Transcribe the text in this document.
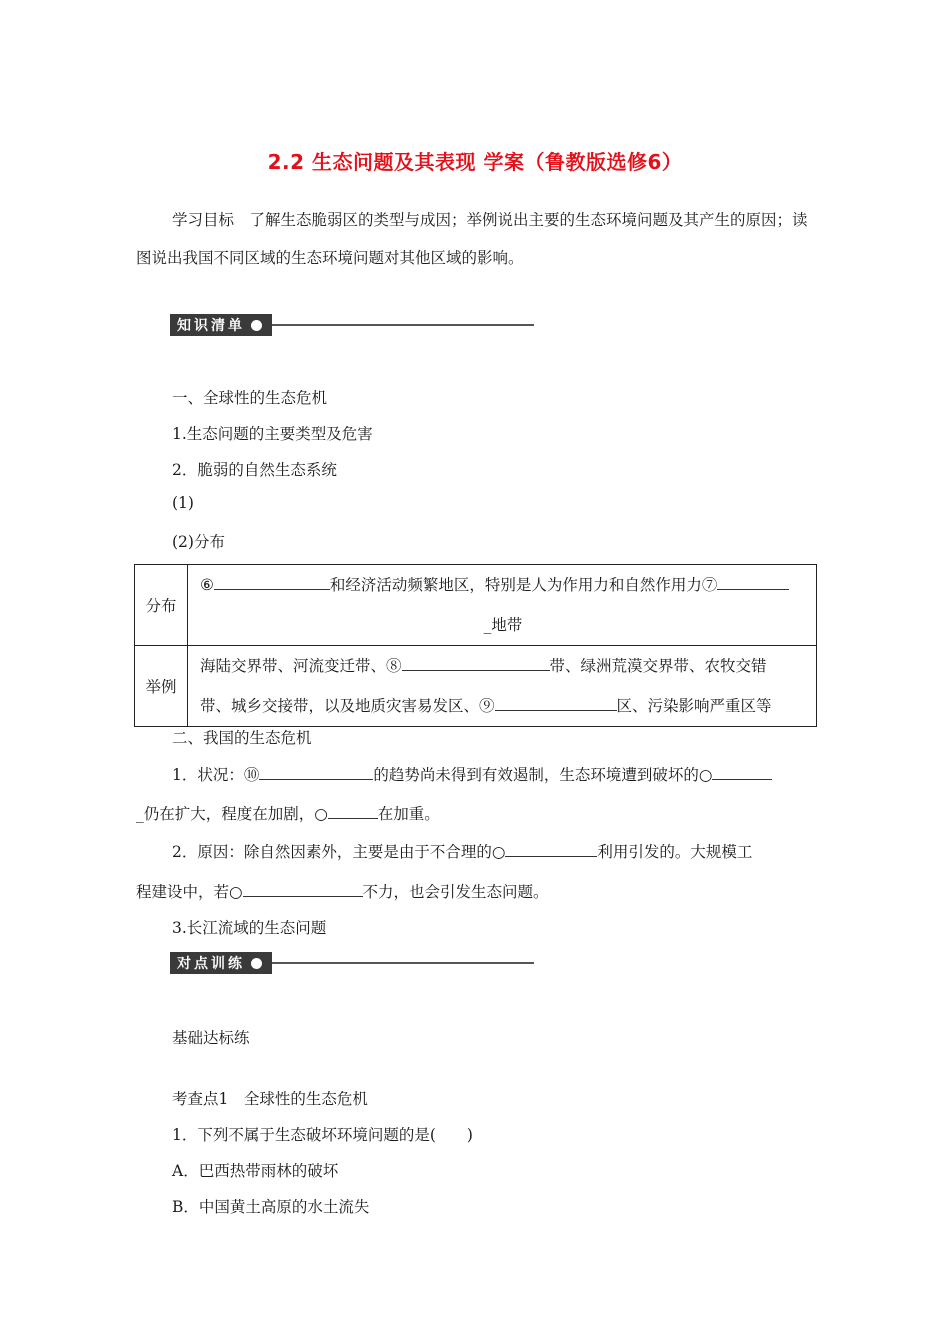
2.2 生态问题及其表现 学案（鲁教版选修6）
学习目标　了解生态脆弱区的类型与成因；举例说出主要的生态环境问题及其产生的原因；读图说出我国不同区域的生态环境问题对其他区域的影响。
知识清单
一、全球性的生态危机
1.生态问题的主要类型及危害
2．脆弱的自然生态系统
(1)
(2)分布
分布	⑥ 和经济活动频繁地区，特别是人为作用力和自然作用力⑦
_地带

举例	海陆交界带、河流变迁带、⑧ 带、绿洲荒漠交界带、农牧交错
带、城乡交接带，以及地质灾害易发区、⑨ 区、污染影响严重区等
二、我国的生态危机
1．状况：⑩	的趋势尚未得到有效遏制，生态环境遭到破坏的○
_仍在扩大，程度在加剧，○	在加重。
2．原因：除自然因素外，主要是由于不合理的○	利用引发的。大规模工
程建设中，若○	不力，也会引发生态问题。
3.长江流域的生态问题
对点训练
基础达标练
考查点1　全球性的生态危机
1．下列不属于生态破坏环境问题的是(　　)
A．巴西热带雨林的破坏
B．中国黄土高原的水土流失
